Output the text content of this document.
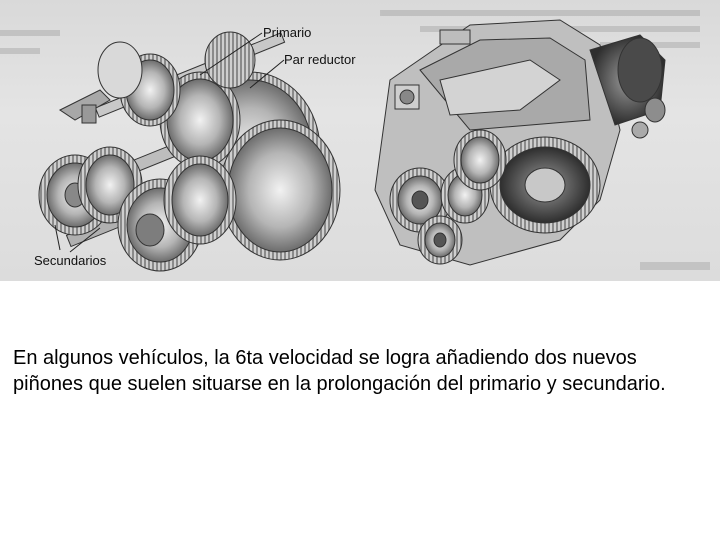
Primario
Par reductor
Secundarios

En algunos vehículos, la 6ta velocidad se logra añadiendo dos nuevos piñones que suelen situarse en la prolongación del primario y secundario.
